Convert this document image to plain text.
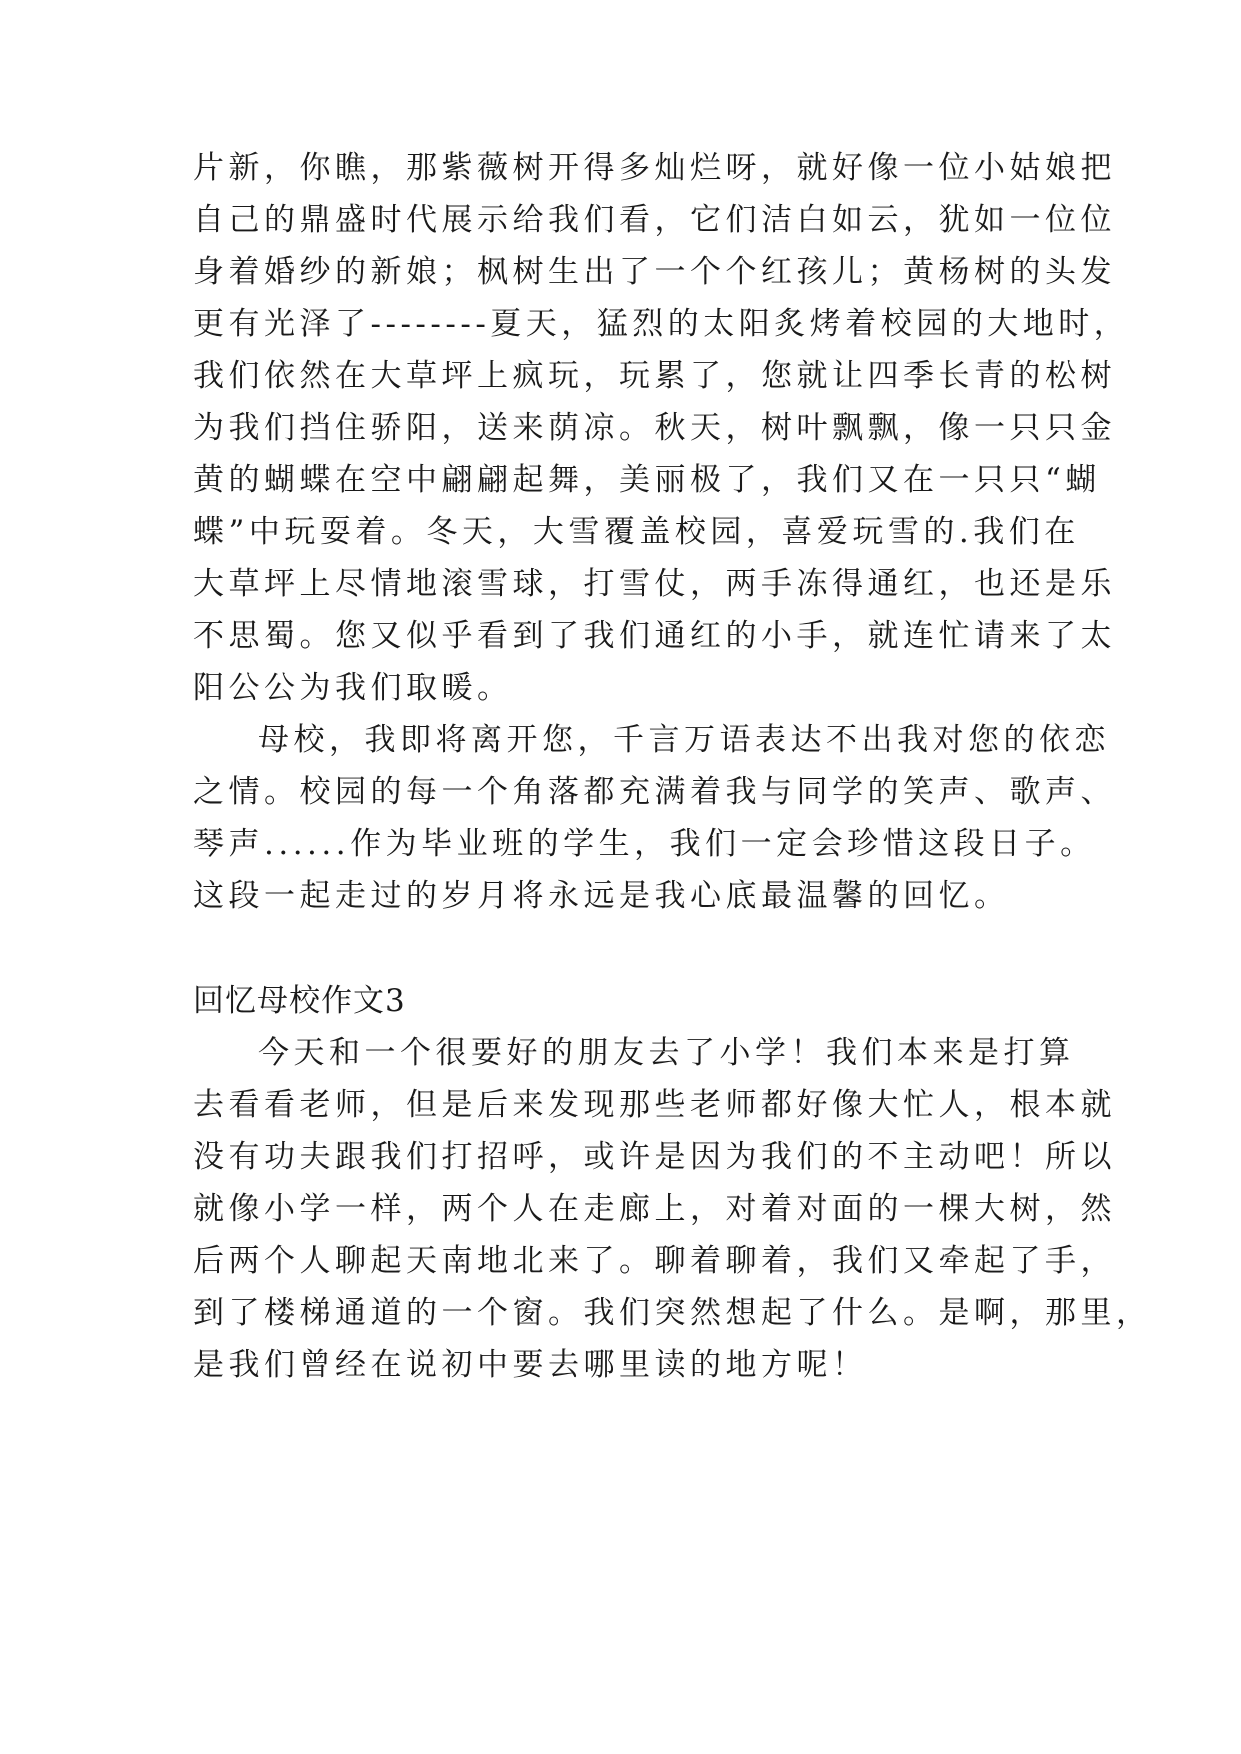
片新，你瞧，那紫薇树开得多灿烂呀，就好像一位小姑娘把
自己的鼎盛时代展示给我们看，它们洁白如云，犹如一位位
身着婚纱的新娘；枫树生出了一个个红孩儿；黄杨树的头发
更有光泽了--------夏天，猛烈的太阳炙烤着校园的大地时，
我们依然在大草坪上疯玩，玩累了，您就让四季长青的松树
为我们挡住骄阳，送来荫凉。秋天，树叶飘飘，像一只只金
黄的蝴蝶在空中翩翩起舞，美丽极了，我们又在一只只“蝴
蝶”中玩耍着。冬天，大雪覆盖校园，喜爱玩雪的.我们在
大草坪上尽情地滚雪球，打雪仗，两手冻得通红，也还是乐
不思蜀。您又似乎看到了我们通红的小手，就连忙请来了太
阳公公为我们取暖。
母校，我即将离开您，千言万语表达不出我对您的依恋
之情。校园的每一个角落都充满着我与同学的笑声、歌声、
琴声......作为毕业班的学生，我们一定会珍惜这段日子。
这段一起走过的岁月将永远是我心底最温馨的回忆。
回忆母校作文3
今天和一个很要好的朋友去了小学！我们本来是打算
去看看老师，但是后来发现那些老师都好像大忙人，根本就
没有功夫跟我们打招呼，或许是因为我们的不主动吧！所以
就像小学一样，两个人在走廊上，对着对面的一棵大树，然
后两个人聊起天南地北来了。聊着聊着，我们又牵起了手，
到了楼梯通道的一个窗。我们突然想起了什么。是啊，那里，
是我们曾经在说初中要去哪里读的地方呢！
